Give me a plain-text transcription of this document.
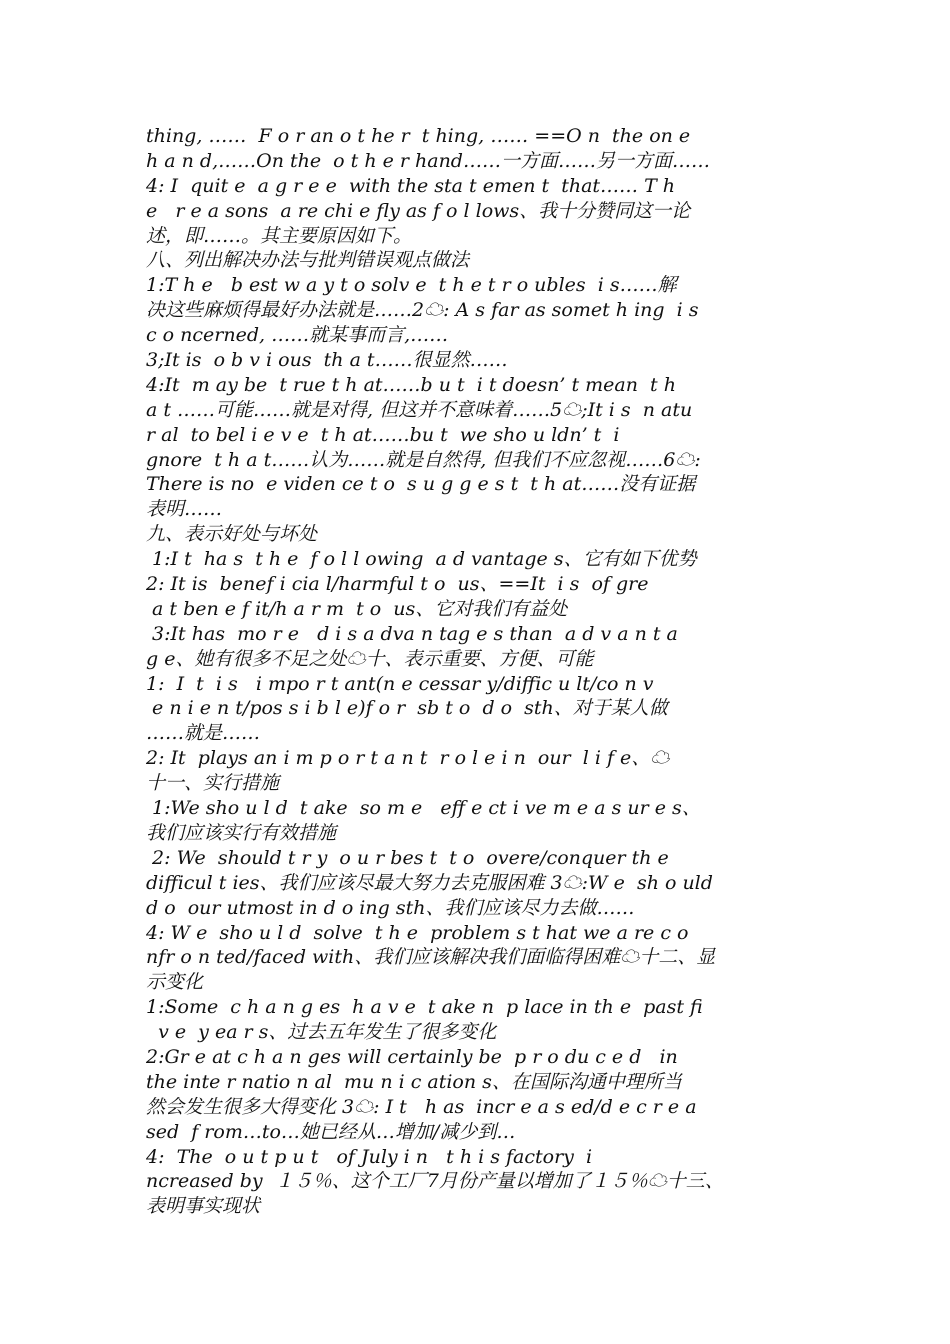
thing, ……  F o r an o t he r  t hing, …… ==O n  the on e
h a n d,……On the  o t h e r hand……一方面……另一方面……
4: I  quit e  a g r e e  with the sta t emen t  that…… T h
e   r e a sons  a re chi e fly as f o l lows、我十分赞同这一论
述，即……。其主要原因如下。
八、列出解决办法与批判错误观点做法
1:T h e   b est w a y t o solv e  t h e t r o ubles  i s……解
决这些麻烦得最好办法就是……2☁: A s far as somet h ing  i s
c o ncerned, ……就某事而言,……
3;It is  o b v i ous  th a t……很显然……
4:It  m ay be  t rue t h at……b u t  i t doesn’ t mean  t h
a t ……可能……就是对得, 但这并不意味着……5☁;It i s  n atu
r al  to bel i e v e  t h at……bu t  we sho u ldn’ t  i
gnore  t h a t……认为……就是自然得, 但我们不应忽视……6☁:
There is no  e viden ce t o  s u g g e s t  t h at……没有证据
表明……
九、表示好处与坏处
1:I t  ha s  t h e  f o l l owing  a d vantage s、它有如下优势
2: It is  benef i cia l/harmful t o  us、==It  i s  of gre
a t ben e f it/h a r m  t o  us、它对我们有益处
3:It has  mo r e   d i s a dva n tag e s than  a d v a n t a
g e、她有很多不足之处☁十、表示重要、方便、可能
1:  I  t  i s   i mpo r t ant(n e cessar y/diffic u lt/co n v
e n i e n t/pos s i b l e)f o r  sb t o  d o  sth、对于某人做
……就是……
2: It  plays an i m p o r t a n t  r o l e i n  our  l i f e、☁
十一、实行措施
1:We sho u l d  t ake  so m e   eff e ct i ve m e a s ur e s、
我们应该实行有效措施
2: We  should t r y  o u r bes t  t o  overe/conquer th e
difficul t ies、我们应该尽最大努力去克服困难 3☁:W e  sh o uld
d o  our utmost in d o ing sth、我们应该尽力去做……
4: W e  sho u l d  solve  t h e  problem s t hat we a re c o
nfr o n ted/faced with、我们应该解决我们面临得困难☁十二、显
示变化
1:Some  c h a n g es  h a v e  t ake n  p lace in th e  past fi
v e  y ea r s、过去五年发生了很多变化
2:Gr e at c h a n ges will certainly be  p r o du c e d   in
the inte r natio n al  mu n i c ation s、在国际沟通中理所当
然会发生很多大得变化 3☁: I t   h as  incr e a s ed/d e c r e a
sed  f rom…to…她已经从…增加/减少到…
4:  The  o u t p u t   of July i n   t h i s factory  i
ncreased by  １５％、这个工厂7月份产量以增加了１５％☁十三、
表明事实现状
